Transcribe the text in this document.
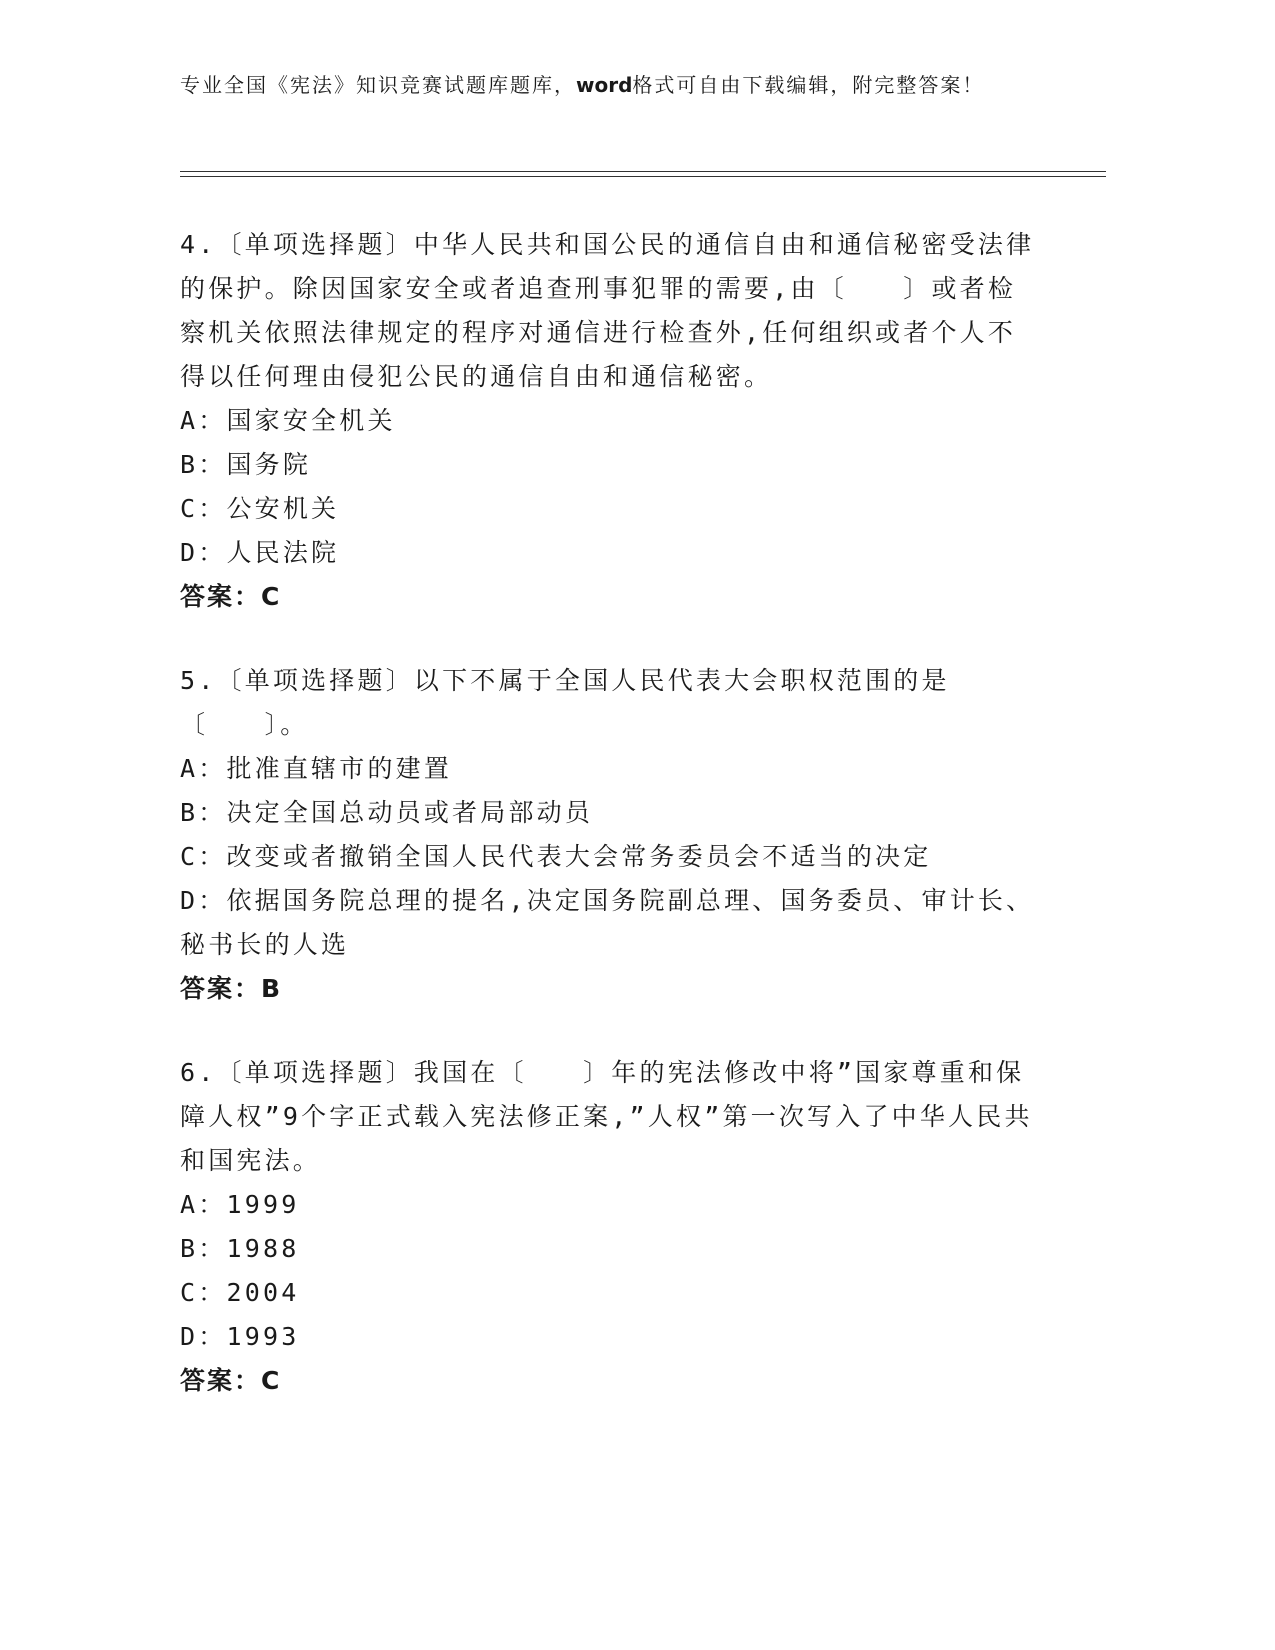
专业全国《宪法》知识竞赛试题库题库，word格式可自由下载编辑，附完整答案！

4.〔单项选择题〕中华人民共和国公民的通信自由和通信秘密受法律的保护。除因国家安全或者追查刑事犯罪的需要,由〔　　〕或者检察机关依照法律规定的程序对通信进行检查外,任何组织或者个人不得以任何理由侵犯公民的通信自由和通信秘密。

A：国家安全机关

B：国务院

C：公安机关

D：人民法院

答案：C

5.〔单项选择题〕以下不属于全国人民代表大会职权范围的是〔　　〕。

A：批准直辖市的建置

B：决定全国总动员或者局部动员

C：改变或者撤销全国人民代表大会常务委员会不适当的决定

D：依据国务院总理的提名,决定国务院副总理、国务委员、审计长、秘书长的人选

答案：B

6.〔单项选择题〕我国在〔　　〕年的宪法修改中将”国家尊重和保障人权”9个字正式载入宪法修正案,”人权”第一次写入了中华人民共和国宪法。

A：1999

B：1988

C：2004

D：1993

答案：C
